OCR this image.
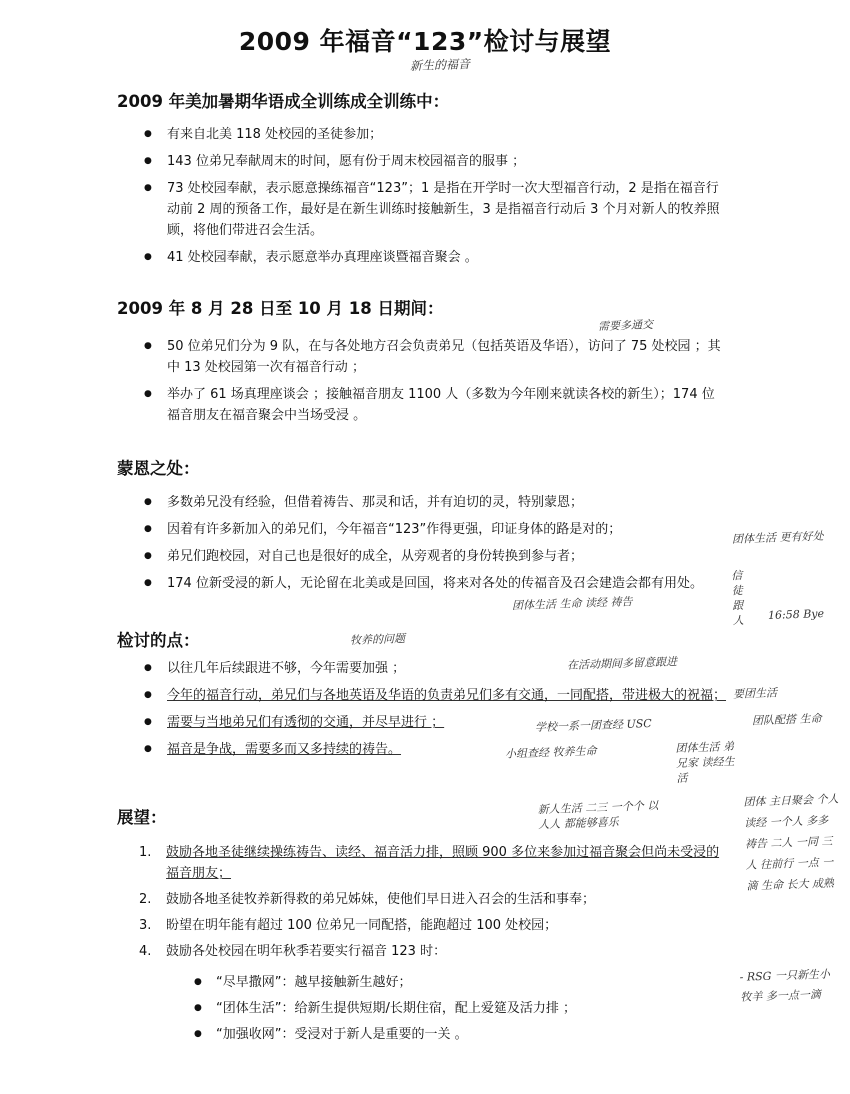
2009 年福音“123”检讨与展望
新生的福音
2009 年美加暑期华语成全训练成全训练中：
● 有来自北美 118 处校园的圣徒参加；
● 143 位弟兄奉献周末的时间，愿有份于周末校园福音的服事 ；
● 73 处校园奉献，表示愿意操练福音“123”；1 是指在开学时一次大型福音行动，2 是指在福音行动前 2 周的预备工作，最好是在新生训练时接触新生，3 是指福音行动后 3 个月对新人的牧养照顾，将他们带进召会生活。
● 41 处校园奉献，表示愿意举办真理座谈暨福音聚会 。
2009 年 8 月 28 日至 10 月 18 日期间：
● 50 位弟兄们分为 9 队，在与各处地方召会负责弟兄（包括英语及华语），访问了 75 处校园 ；其中 13 处校园第一次有福音行动 ；
● 举办了 61 场真理座谈会 ；接触福音朋友 1100 人（多数为今年刚来就读各校的新生）；174 位福音朋友在福音聚会中当场受浸 。
需要多通交
蒙恩之处：
● 多数弟兄没有经验，但借着祷告、那灵和话，并有迫切的灵，特别蒙恩；
● 因着有许多新加入的弟兄们，今年福音“123”作得更强，印证身体的路是对的；
● 弟兄们跑校园，对自己也是很好的成全，从旁观者的身份转换到参与者；
● 174 位新受浸的新人，无论留在北美或是回国，将来对各处的传福音及召会建造会都有用处。
团体生活 更有好处
信徒跟人	16:58 Bye
团体生活 生命 读经 祷告
检讨的点：	牧养的问题
● 以往几年后续跟进不够，今年需要加强 ；
● 今年的福音行动，弟兄们与各地英语及华语的负责弟兄们多有交通，一同配搭，带进极大的祝福；
● 需要与当地弟兄们有透彻的交通，并尽早进行 ；
● 福音是争战，需要多而又多持续的祷告。
在活动期间多留意跟进
要团生活
学校一系一团查经 USC
小组查经 牧养生命	团体生活 弟兄家 读经生活
团队配搭 生命
展望：
新人生活 二三 一个个 以人人 都能够喜乐
1. 鼓励各地圣徒继续操练祷告、读经、福音活力排，照顾 900 多位来参加过福音聚会但尚未受浸的福音朋友；
2. 鼓励各地圣徒牧养新得救的弟兄姊妹，使他们早日进入召会的生活和事奉；
3. 盼望在明年能有超过 100 位弟兄一同配搭，能跑超过 100 处校园；
4. 鼓励各处校园在明年秋季若要实行福音 123 时：
● “尽早撒网”：越早接触新生越好；
● “团体生活”：给新生提供短期/长期住宿，配上爱筵及活力排 ；
● “加强收网”：受浸对于新人是重要的一关 。
团体 主日聚会 个人 读经 一个人 多多 祷告 二人 一同 三人 往前行 一点 一滴 生命 长大 成熟
- RSG 一只新生小牧羊 多一点一滴
